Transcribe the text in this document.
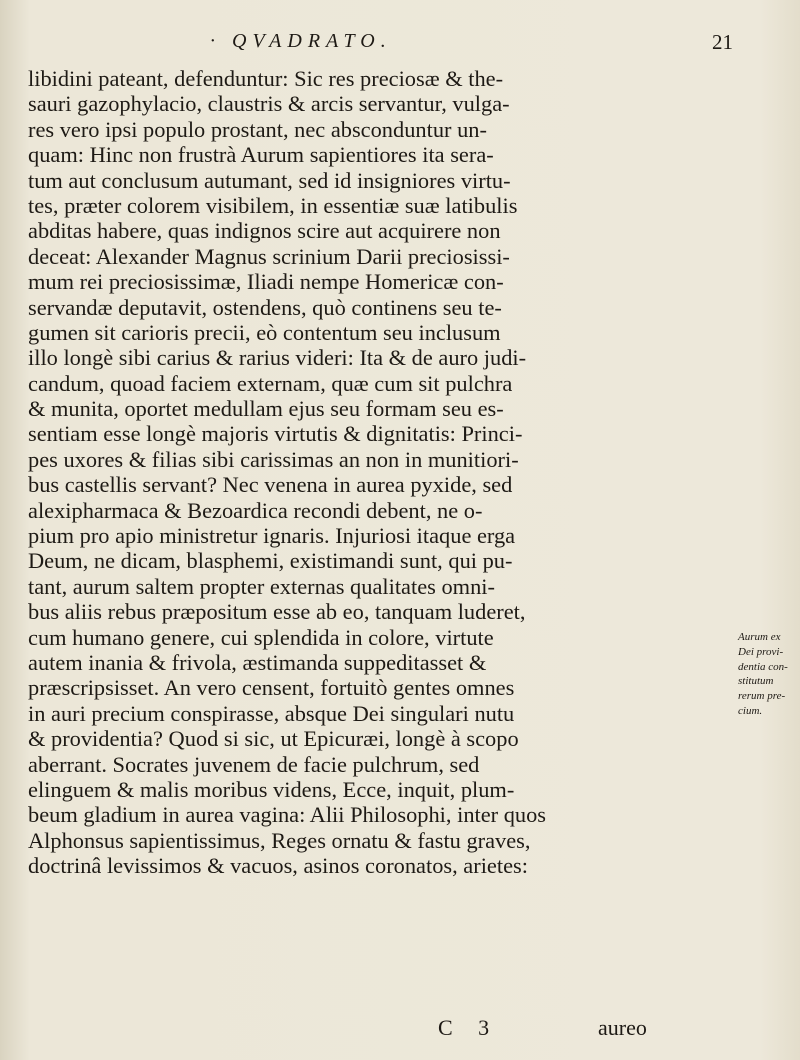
· QVADRATO.	21
libidini pateant, defenduntur: Sic res preciosæ & the-
sauri gazophylacio, claustris & arcis servantur, vulga-
res vero ipsi populo prostant, nec absconduntur un-
quam: Hinc non frustrà Aurum sapientiores ita sera-
tum aut conclusum autumant, sed id insigniores virtu-
tes, præter colorem visibilem, in essentiæ suæ latibulis
abditas habere, quas indignos scire aut acquirere non
deceat: Alexander Magnus scrinium Darii preciosissi-
mum rei preciosissimæ, Iliadi nempe Homericæ con-
servandæ deputavit, ostendens, quò continens seu te-
gumen sit carioris precii, eò contentum seu inclusum
illo longè sibi carius & rarius videri: Ita & de auro judi-
candum, quoad faciem externam, quæ cum sit pulchra
& munita, oportet medullam ejus seu formam seu es-
sentiam esse longè majoris virtutis & dignitatis: Princi-
pes uxores & filias sibi carissimas an non in munitiori-
bus castellis servant? Nec venena in aurea pyxide, sed
alexipharmaca & Bezoardica recondi debent, ne o-
pium pro apio ministretur ignaris. Injuriosi itaque erga
Deum, ne dicam, blasphemi, existimandi sunt, qui pu-
tant, aurum saltem propter externas qualitates omni-
bus aliis rebus præpositum esse ab eo, tanquam luderet,
cum humano genere, cui splendida in colore, virtute
autem inania & frivola, æstimanda suppeditasset &
præscripsisset. An vero censent, fortuitò gentes omnes
in auri precium conspirasse, absque Dei singulari nutu
& providentia? Quod si sic, ut Epicuræi, longè à scopo
aberrant. Socrates juvenem de facie pulchrum, sed
elinguem & malis moribus videns, Ecce, inquit, plum-
beum gladium in aurea vagina: Alii Philosophi, inter quos
Alphonsus sapientissimus, Reges ornatu & fastu graves,
doctrinâ levissimos & vacuos, asinos coronatos, arietes:
Aurum ex
Dei provi-
dentia con-
stitutum
rerum pre-
cium.
C 3	aureo
